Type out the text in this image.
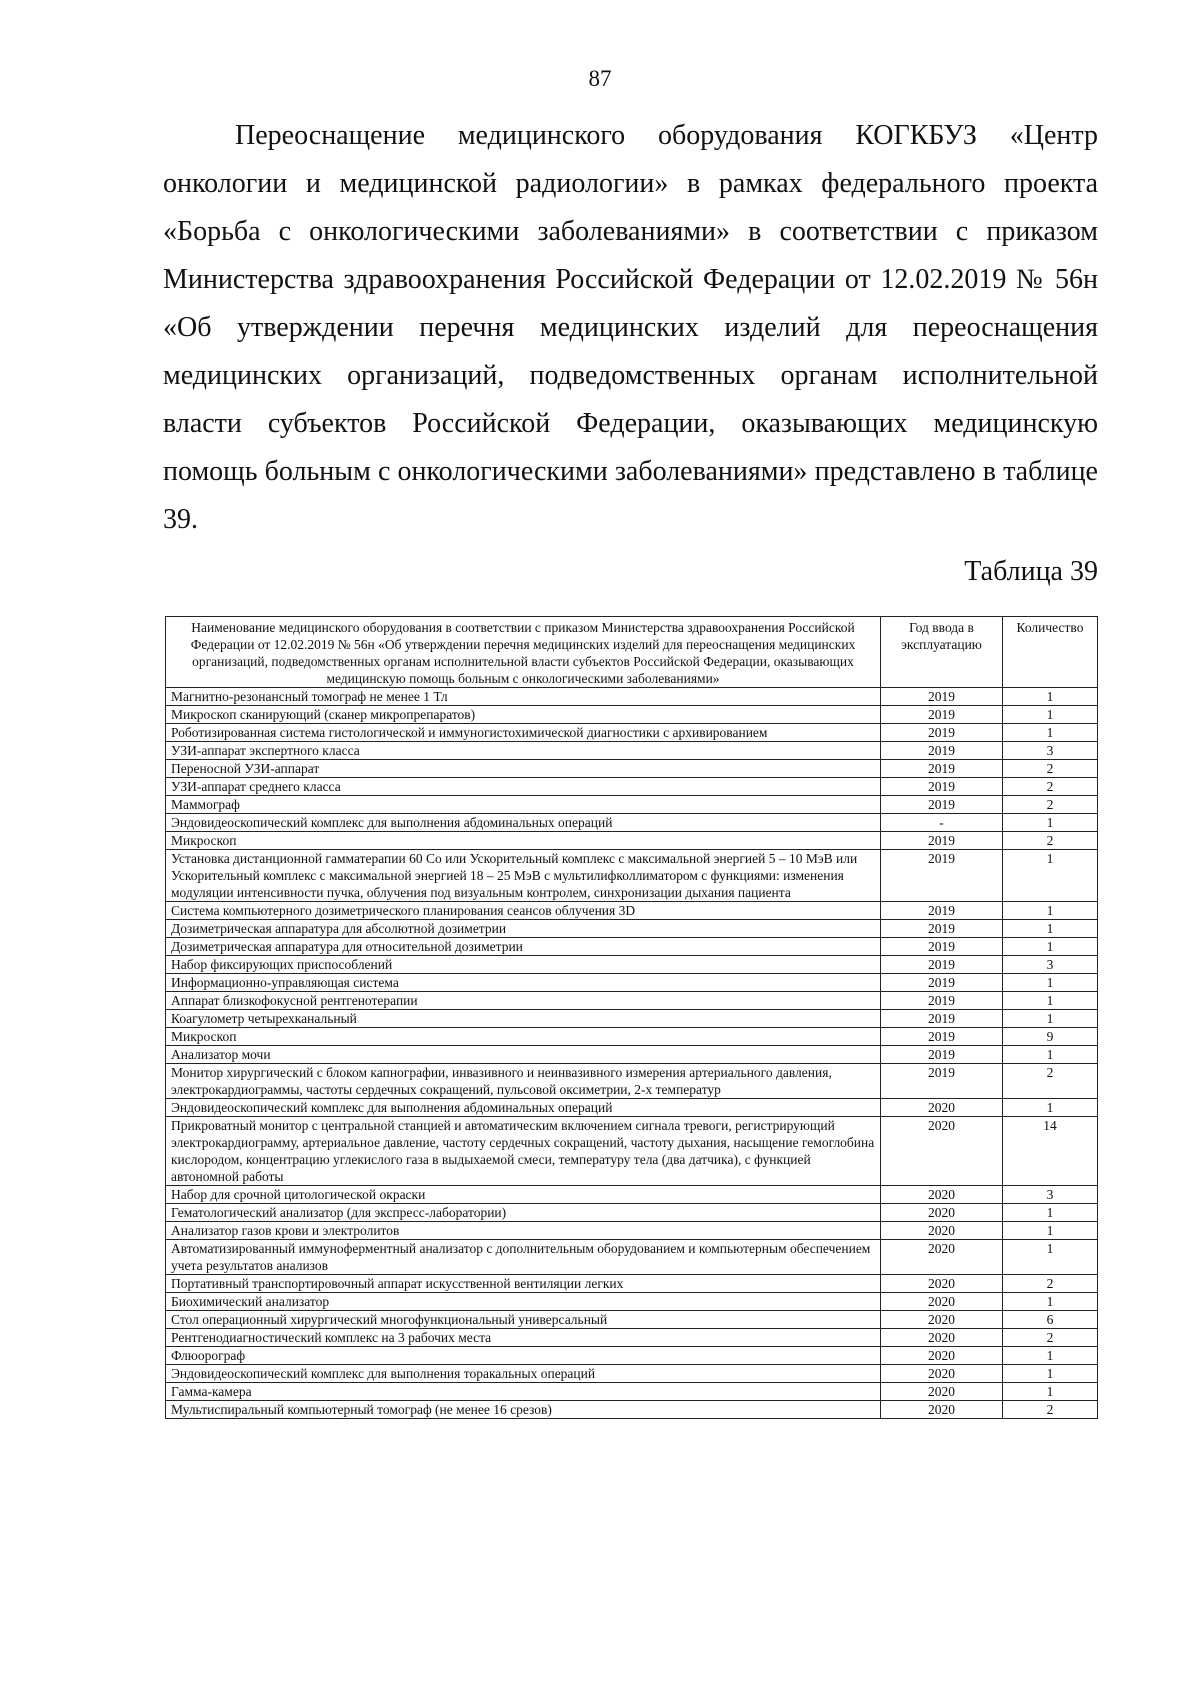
87

Переоснащение медицинского оборудования КОГКБУЗ «Центр онкологии и медицинской радиологии» в рамках федерального проекта «Борьба с онкологическими заболеваниями» в соответствии с приказом Министерства здравоохранения Российской Федерации от 12.02.2019 № 56н «Об утверждении перечня медицинских изделий для переоснащения медицинских организаций, подведомственных органам исполнительной власти субъектов Российской Федерации, оказывающих медицинскую помощь больным с онкологическими заболеваниями» представлено в таблице 39.

Таблица 39
Наименование медицинского оборудования в соответствии с приказом Министерства здравоохранения Российской Федерации от 12.02.2019 № 56н «Об утверждении перечня медицинских изделий для переоснащения медицинских организаций, подведомственных органам исполнительной власти субъектов Российской Федерации, оказывающих медицинскую помощь больным с онкологическими заболеваниями»	Год ввода в эксплуатацию	Количество
Магнитно-резонансный томограф не менее 1 Тл	2019	1
Микроскоп сканирующий (сканер микропрепаратов)	2019	1
Роботизированная система гистологической и иммуногистохимической диагностики с архивированием	2019	1
УЗИ-аппарат экспертного класса	2019	3
Переносной УЗИ-аппарат	2019	2
УЗИ-аппарат среднего класса	2019	2
Маммограф	2019	2
Эндовидеоскопический комплекс для выполнения абдоминальных операций	-	1
Микроскоп	2019	2
Установка дистанционной гамматерапии 60 Co или Ускорительный комплекс с максимальной энергией 5 – 10 МэВ или Ускорительный комплекс с максимальной энергией 18 – 25 МэВ с мультилифколлиматором с функциями: изменения модуляции интенсивности пучка, облучения под визуальным контролем, синхронизации дыхания пациента	2019	1
Система компьютерного дозиметрического планирования сеансов облучения 3D	2019	1
Дозиметрическая аппаратура для абсолютной дозиметрии	2019	1
Дозиметрическая аппаратура для относительной дозиметрии	2019	1
Набор фиксирующих приспособлений	2019	3
Информационно-управляющая система	2019	1
Аппарат близкофокусной рентгенотерапии	2019	1
Коагулометр четырехканальный	2019	1
Микроскоп	2019	9
Анализатор мочи	2019	1
Монитор хирургический с блоком капнографии, инвазивного и неинвазивного измерения артериального давления, электрокардиограммы, частоты сердечных сокращений, пульсовой оксиметрии, 2-х температур	2019	2
Эндовидеоскопический комплекс для выполнения абдоминальных операций	2020	1
Прикроватный монитор с центральной станцией и автоматическим включением сигнала тревоги, регистрирующий электрокардиограмму, артериальное давление, частоту сердечных сокращений, частоту дыхания, насыщение гемоглобина кислородом, концентрацию углекислого газа в выдыхаемой смеси, температуру тела (два датчика), с функцией автономной работы	2020	14
Набор для срочной цитологической окраски	2020	3
Гематологический анализатор (для экспресс-лаборатории)	2020	1
Анализатор газов крови и электролитов	2020	1
Автоматизированный иммуноферментный анализатор с дополнительным оборудованием и компьютерным обеспечением учета результатов анализов	2020	1
Портативный транспортировочный аппарат искусственной вентиляции легких	2020	2
Биохимический анализатор	2020	1
Стол операционный хирургический многофункциональный универсальный	2020	6
Рентгенодиагностический комплекс на 3 рабочих места	2020	2
Флюорограф	2020	1
Эндовидеоскопический комплекс для выполнения торакальных операций	2020	1
Гамма-камера	2020	1
Мультиспиральный компьютерный томограф (не менее 16 срезов)	2020	2
